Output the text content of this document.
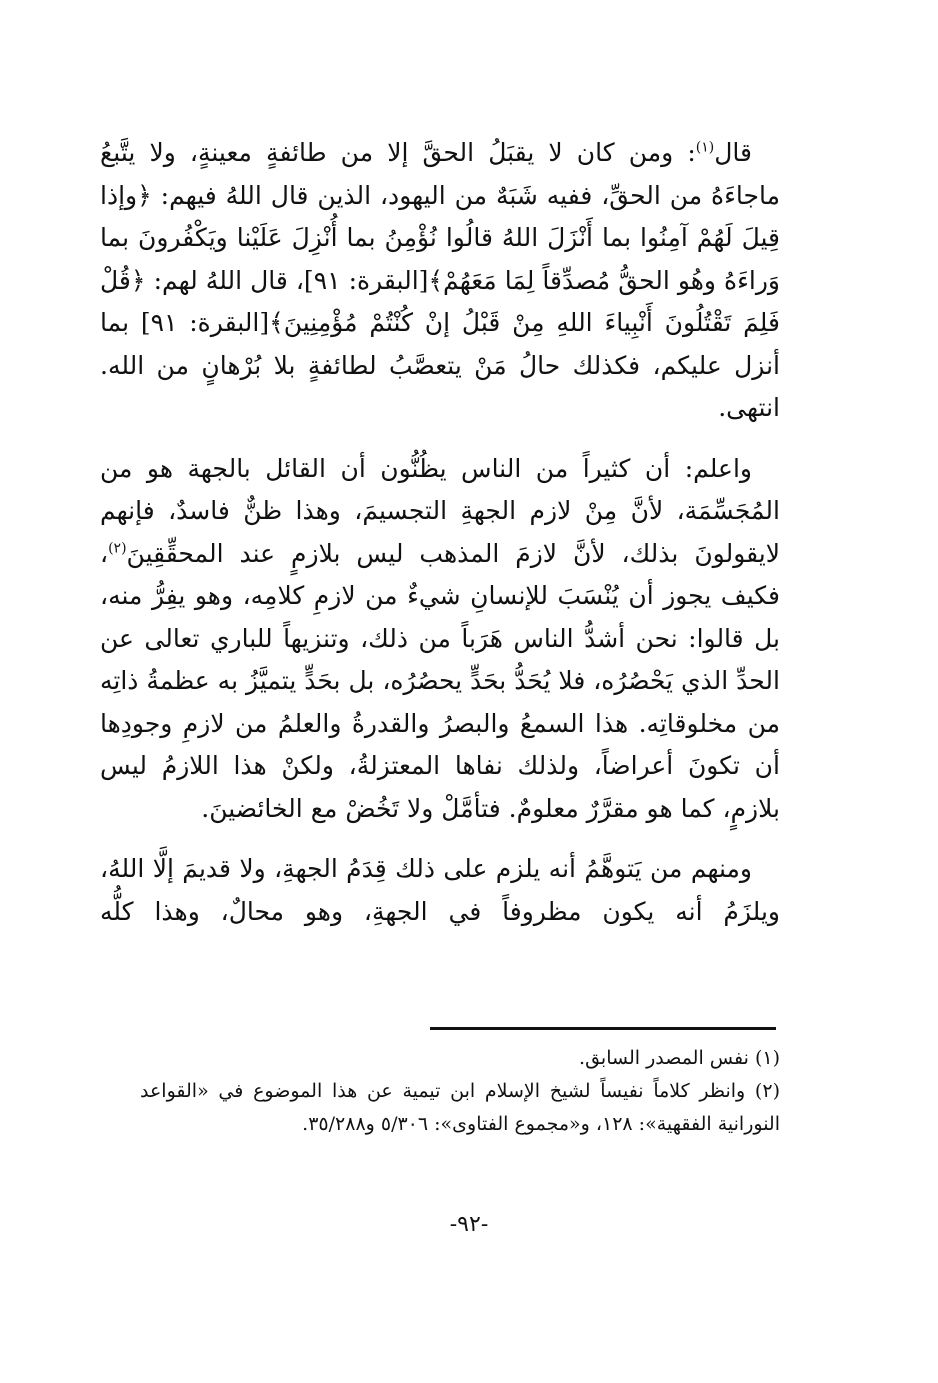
قال$^{(١)}$: ومن كان لا يقبَلُ الحقَّ إلا من طائفةٍ معينةٍ، ولا يتَّبعُ ماجاءَهُ من الحقِّ، ففيه شَبَهٌ من اليهود، الذين قال اللهُ فيهم: ﴿وإذا قِيلَ لَهُمْ آمِنُوا بما أَنْزَلَ اللهُ قالُوا نُؤْمِنُ بما أُنْزِلَ عَلَيْنا ويَكْفُرونَ بما وَراءَهُ وهُو الحقُّ مُصدِّقاً لِمَا مَعَهُمْ﴾[البقرة: ٩١]، قال اللهُ لهم: ﴿قُلْ فَلِمَ تَقْتُلُونَ أَنْبِياءَ اللهِ مِنْ قَبْلُ إنْ كُنْتُمْ مُؤْمِنِينَ﴾[البقرة: ٩١] بما أنزل عليكم، فكذلك حالُ مَنْ يتعصَّبُ لطائفةٍ بلا بُرْهانٍ من الله. انتهى.

واعلم: أن كثيراً من الناس يظُنُّون أن القائل بالجهة هو من المُجَسِّمَة، لأنَّ مِنْ لازم الجهةِ التجسيمَ، وهذا ظنٌّ فاسدٌ، فإنهم لايقولونَ بذلك، لأنَّ لازمَ المذهب ليس بلازمٍ عند المحقِّقِينَ$^{(٢)}$، فكيف يجوز أن يُنْسَبَ للإنسانِ شيءٌ من لازمِ كلامِه، وهو يفِرُّ منه، بل قالوا: نحن أشدُّ الناس هَرَباً من ذلك، وتنزيهاً للباري تعالى عن الحدِّ الذي يَحْصُرُه، فلا يُحَدُّ بحَدٍّ يحصُرُه، بل بحَدٍّ يتميَّزُ به عظمةُ ذاتِه من مخلوقاتِه. هذا السمعُ والبصرُ والقدرةُ والعلمُ من لازمِ وجودِها أن تكونَ أعراضاً، ولذلك نفاها المعتزلةُ، ولكنْ هذا اللازمُ ليس بلازمٍ، كما هو مقرَّرٌ معلومٌ. فتأمَّلْ ولا تَخُضْ مع الخائضينَ.

ومنهم من يَتوهَّمُ أنه يلزم على ذلك قِدَمُ الجهةِ، ولا قديمَ إلَّا اللهُ، ويلزَمُ أنه يكون مظروفاً في الجهةِ، وهو محالٌ، وهذا كلُّه

(١) نفس المصدر السابق.

(٢) وانظر كلاماً نفيساً لشيخ الإسلام ابن تيمية عن هذا الموضوع في «القواعد النورانية الفقهية»: ١٢٨، و«مجموع الفتاوى»: ٥/٣٠٦ و٣٥/٢٨٨.

-٩٢-
